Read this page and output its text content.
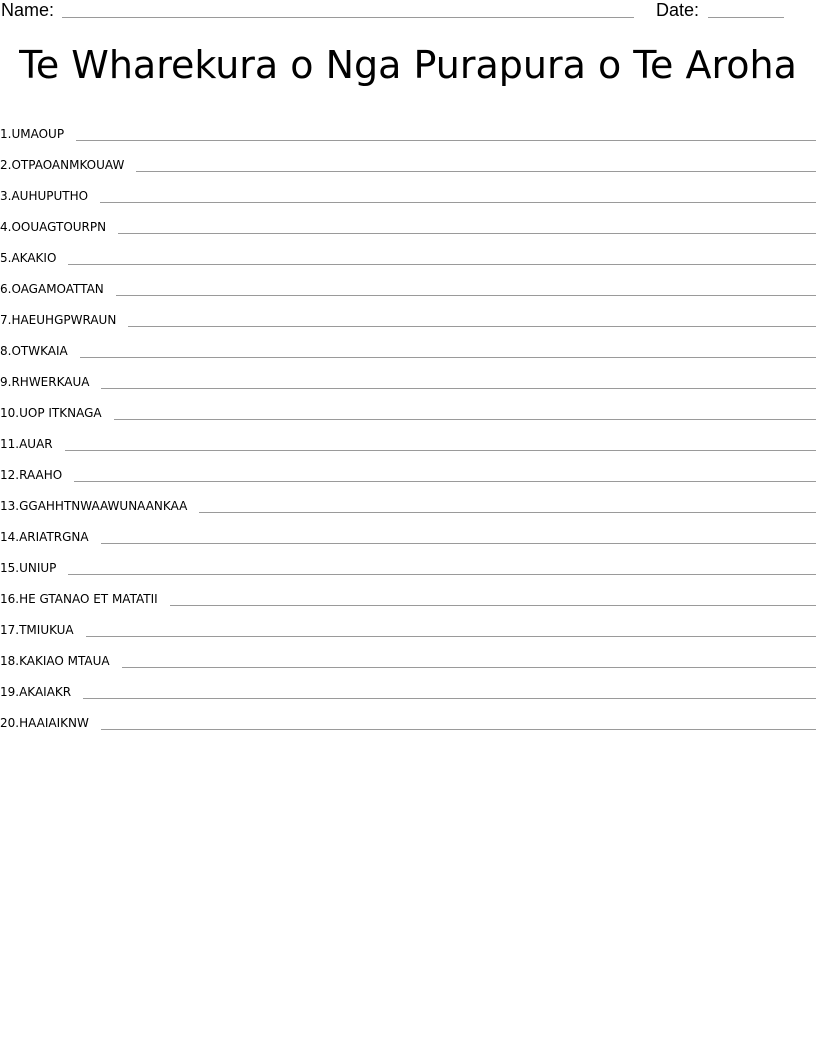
Name:	Date:
Te Wharekura o Nga Purapura o Te Aroha
1. UMAOUP
2. OTPAOANMKOUAW
3. AUHUPUTHO
4. OOUAGTOURPN
5. AKAKIO
6. OAGAMOATTAN
7. HAEUHGPWRAUN
8. OTWKAIA
9. RHWERKAUA
10. UOP ITKNAGA
11. AUAR
12. RAAHO
13. GGAHHTNWAAWUNAANKAA
14. ARIATRGNA
15. UNIUP
16. HE GTANAO ET MATATII
17. TMIUKUA
18. KAKIAO MTAUA
19. AKAIAKR
20. HAAIAIKNW
